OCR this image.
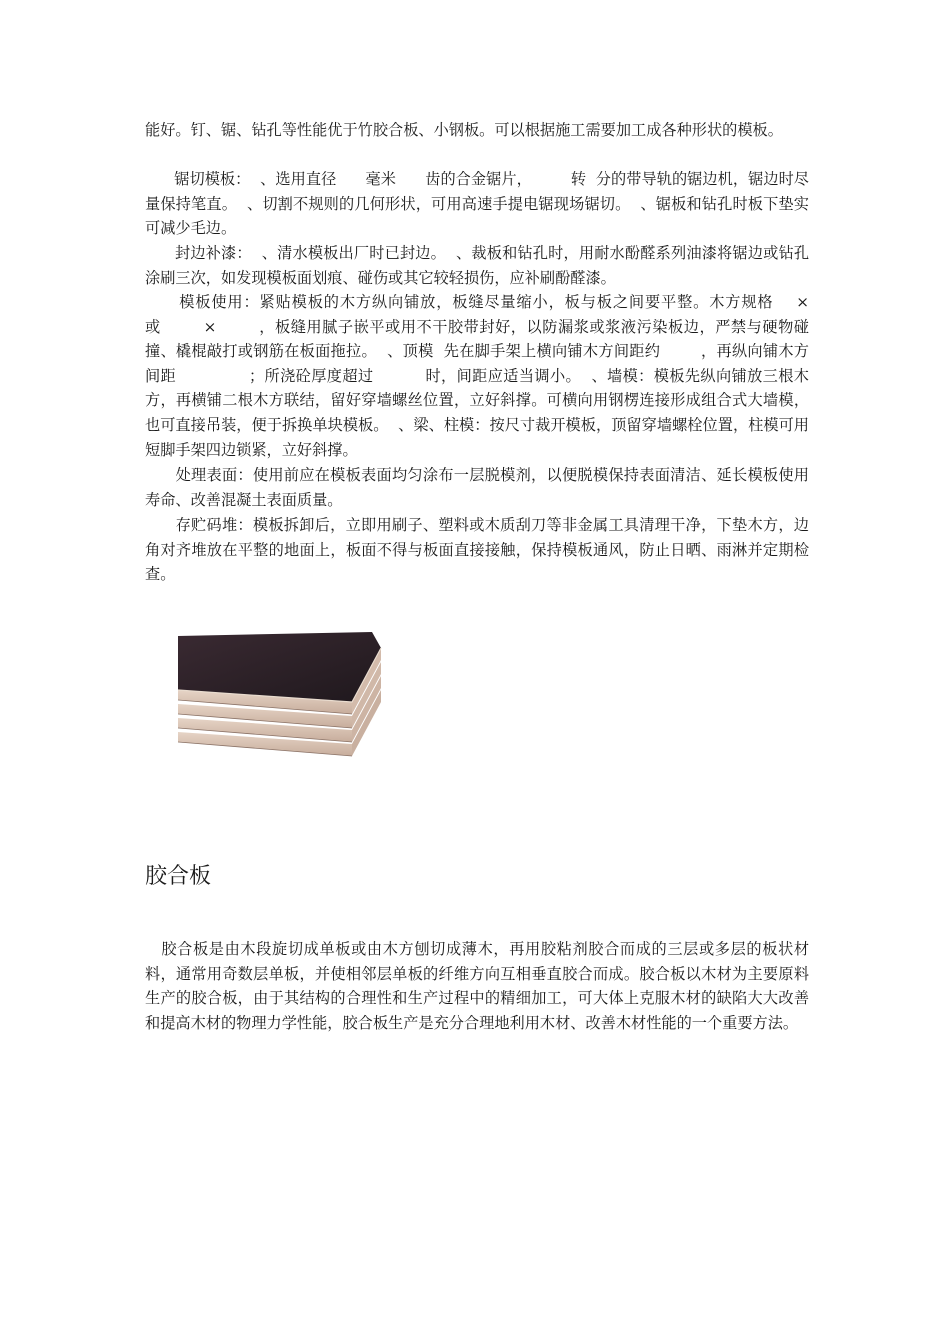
能好。钉、锯、钻孔等性能优于竹胶合板、小钢板。可以根据施工需要加工成各种形状的模板。

锯切模板：  、选用直径      毫米      齿的合金锯片，        转  分的带导轨的锯边机，锯边时尽量保持笔直。  、切割不规则的几何形状，可用高速手提电锯现场锯切。  、锯板和钻孔时板下垫实可减少毛边。

封边补漆：  、清水模板出厂时已封边。  、裁板和钻孔时，用耐水酚醛系列油漆将锯边或钻孔涂刷三次，如发现模板面划痕、碰伤或其它较轻损伤，应补刷酚醛漆。

模板使用：紧贴模板的木方纵向铺放，板缝尽量缩小，板与板之间要平整。木方规格    ×        或        ×        ，板缝用腻子嵌平或用不干胶带封好，以防漏浆或浆液污染板边，严禁与硬物碰撞、橇棍敲打或钢筋在板面拖拉。  、顶模  先在脚手架上横向铺木方间距约        ，再纵向铺木方间距              ；所浇砼厚度超过          时，间距应适当调小。  、墙模：模板先纵向铺放三根木方，再横铺二根木方联结，留好穿墙螺丝位置，立好斜撑。可横向用钢楞连接形成组合式大墙模，也可直接吊装，便于拆换单块模板。  、梁、柱模：按尺寸裁开模板，顶留穿墙螺栓位置，柱模可用短脚手架四边锁紧，立好斜撑。

处理表面：使用前应在模板表面均匀涂布一层脱模剂，以便脱模保持表面清洁、延长模板使用寿命、改善混凝土表面质量。

存贮码堆：模板拆卸后，立即用刷子、塑料或木质刮刀等非金属工具清理干净，下垫木方，边角对齐堆放在平整的地面上，板面不得与板面直接接触，保持模板通风，防止日晒、雨淋并定期检查。

胶合板

胶合板是由木段旋切成单板或由木方刨切成薄木，再用胶粘剂胶合而成的三层或多层的板状材料，通常用奇数层单板，并使相邻层单板的纤维方向互相垂直胶合而成。胶合板以木材为主要原料生产的胶合板，由于其结构的合理性和生产过程中的精细加工，可大体上克服木材的缺陷大大改善和提高木材的物理力学性能，胶合板生产是充分合理地利用木材、改善木材性能的一个重要方法。
